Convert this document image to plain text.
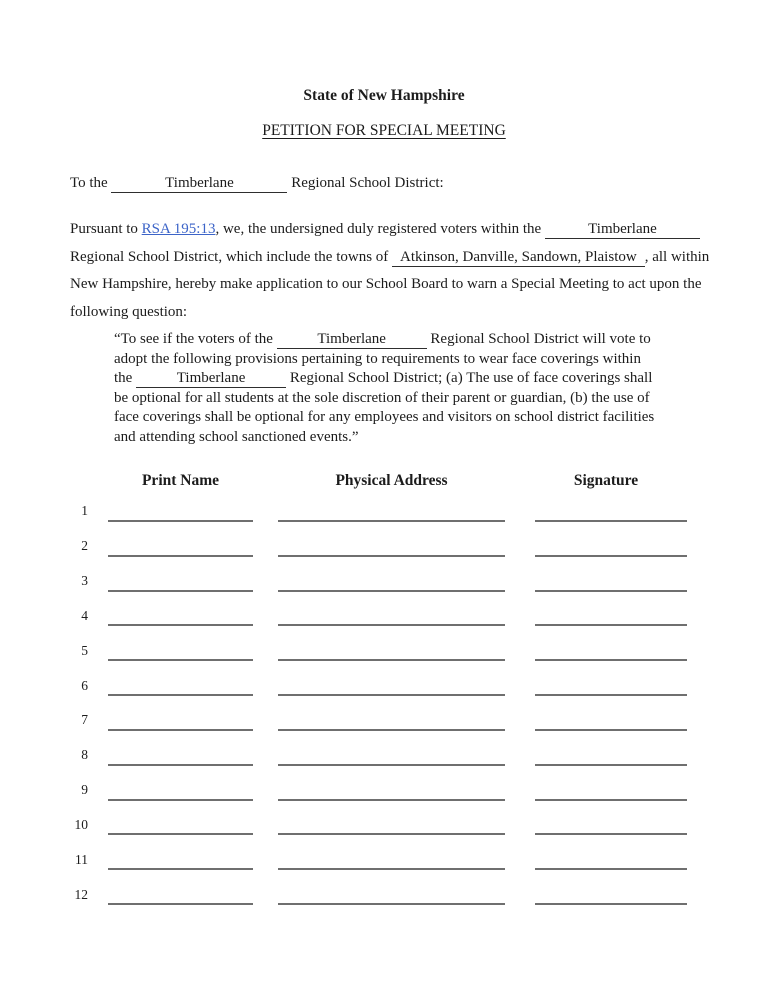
State of New Hampshire
PETITION FOR SPECIAL MEETING
To the	Timberlane	Regional School District:
Pursuant to RSA 195:13, we, the undersigned duly registered voters within the	Timberlane Regional School District, which include the towns of Atkinson, Danville, Sandown, Plaistow , all within New Hampshire, hereby make application to our School Board to warn a Special Meeting to act upon the following question:
“To see if the voters of the	Timberlane	Regional School District will vote to adopt the following provisions pertaining to requirements to wear face coverings within the	Timberlane	Regional School District; (a) The use of face coverings shall be optional for all students at the sole discretion of their parent or guardian, (b) the use of face coverings shall be optional for any employees and visitors on school district facilities and attending school sanctioned events.”
Print Name	Physical Address	Signature
1
2
3
4
5
6
7
8
9
10
11
12
